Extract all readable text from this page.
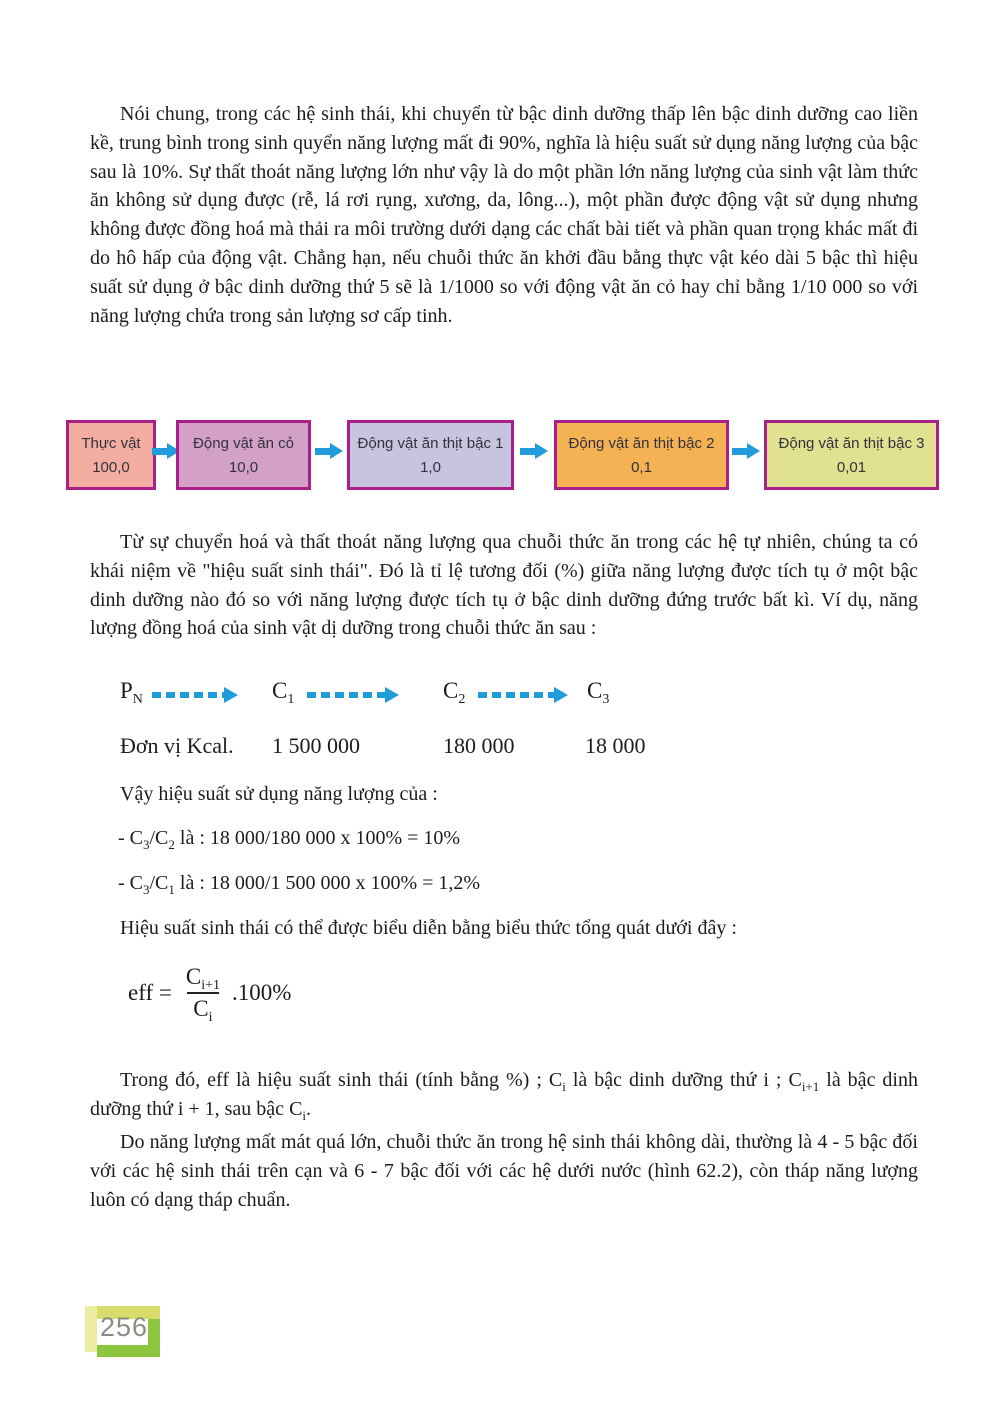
Nói chung, trong các hệ sinh thái, khi chuyển từ bậc dinh dưỡng thấp lên bậc dinh dưỡng cao liền kề, trung bình trong sinh quyển năng lượng mất đi 90%, nghĩa là hiệu suất sử dụng năng lượng của bậc sau là 10%. Sự thất thoát năng lượng lớn như vậy là do một phần lớn năng lượng của sinh vật làm thức ăn không sử dụng được (rễ, lá rơi rụng, xương, da, lông...), một phần được động vật sử dụng nhưng không được đồng hoá mà thải ra môi trường dưới dạng các chất bài tiết và phần quan trọng khác mất đi do hô hấp của động vật. Chẳng hạn, nếu chuỗi thức ăn khởi đầu bằng thực vật kéo dài 5 bậc thì hiệu suất sử dụng ở bậc dinh dưỡng thứ 5 sẽ là 1/1000 so với động vật ăn cỏ hay chỉ bằng 1/10 000 so với năng lượng chứa trong sản lượng sơ cấp tinh.

Thực vật
100,0
Động vật ăn cỏ
10,0
Động vật ăn thịt bậc 1
1,0
Động vật ăn thịt bậc 2
0,1
Động vật ăn thịt bậc 3
0,01

Từ sự chuyển hoá và thất thoát năng lượng qua chuỗi thức ăn trong các hệ tự nhiên, chúng ta có khái niệm về "hiệu suất sinh thái". Đó là tỉ lệ tương đối (%) giữa năng lượng được tích tụ ở một bậc dinh dưỡng nào đó so với năng lượng được tích tụ ở bậc dinh dưỡng đứng trước bất kì. Ví dụ, năng lượng đồng hoá của sinh vật dị dưỡng trong chuỗi thức ăn sau :

$P_N$	$C_1$	$C_2$	$C_3$
Đơn vị Kcal. 1 500 000	180 000	18 000
Vậy hiệu suất sử dụng năng lượng của :
- $C_3/C_2$ là : 18 000/180 000 x 100% = 10%
- $C_3/C_1$ là : 18 000/1 500 000 x 100% = 1,2%
Hiệu suất sinh thái có thể được biểu diễn bằng biểu thức tổng quát dưới đây :
eff = $\frac{C_{i+1}}{C_i} .100\%$

Trong đó, eff là hiệu suất sinh thái (tính bằng %) ; $C_i$ là bậc dinh dưỡng thứ i ; $C_{i+1}$ là bậc dinh dưỡng thứ i + 1, sau bậc $C_i$.

Do năng lượng mất mát quá lớn, chuỗi thức ăn trong hệ sinh thái không dài, thường là 4 - 5 bậc đối với các hệ sinh thái trên cạn và 6 - 7 bậc đối với các hệ dưới nước (hình 62.2), còn tháp năng lượng luôn có dạng tháp chuẩn.

256
